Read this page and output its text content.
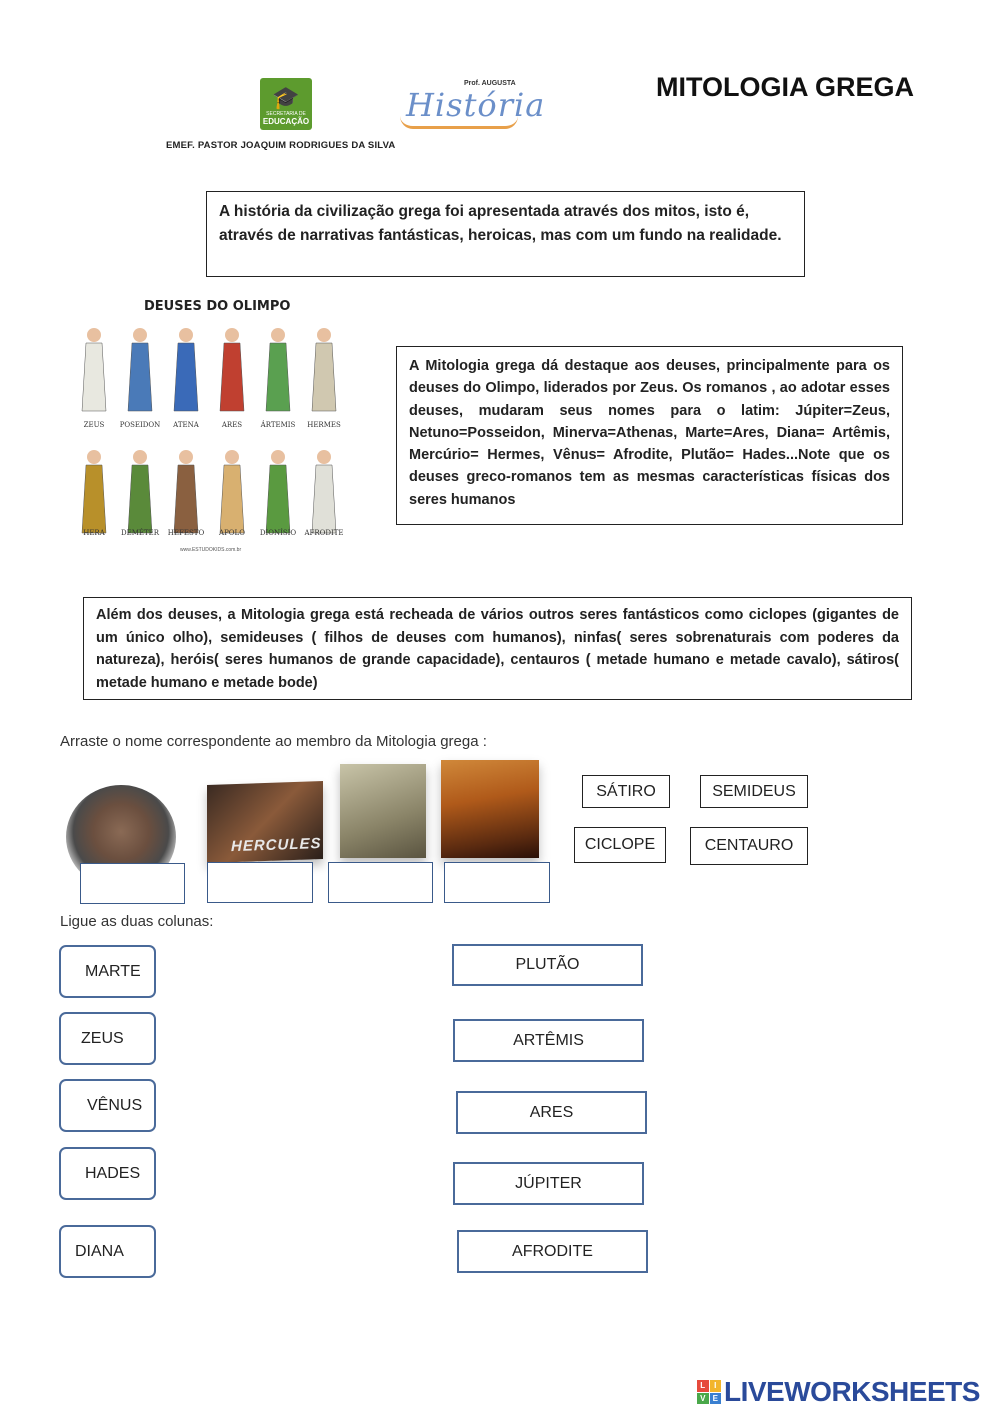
🎓
SECRETARIA DE
EDUCAÇÃO
Prof. AUGUSTA
História
EMEF. PASTOR JOAQUIM RODRIGUES DA SILVA
MITOLOGIA GREGA
A história da civilização grega foi apresentada através dos mitos, isto é, através de narrativas fantásticas, heroicas, mas com um fundo na realidade.
DEUSES DO OLIMPO
ZEUS POSEIDON ATENA	ARES	ÁRTEMIS HERMES
HERA DEMÉTER HEFESTO APOLO DIONÍSIO AFRODITE
www.ESTUDOKIDS.com.br
A Mitologia grega dá destaque aos deuses, principalmente para os deuses do Olimpo, liderados por Zeus. Os romanos , ao adotar esses deuses, mudaram seus nomes para o latim: Júpiter=Zeus, Netuno=Posseidon, Minerva=Athenas, Marte=Ares, Diana= Artêmis, Mercúrio= Hermes, Vênus= Afrodite, Plutão= Hades...Note que os deuses greco-romanos tem as mesmas características físicas dos seres humanos
Além dos deuses, a Mitologia grega está recheada de vários outros seres fantásticos como ciclopes (gigantes de um único olho), semideuses ( filhos de deuses com humanos), ninfas( seres sobrenaturais com poderes da natureza), heróis( seres humanos de grande capacidade), centauros ( metade humano e metade cavalo), sátiros( metade humano e metade bode)
Arraste o nome correspondente ao membro da Mitologia grega :
HERCULES
SÁTIRO	SEMIDEUS
CICLOPE	CENTAURO
Ligue as duas colunas:
MARTE
ZEUS
VÊNUS
HADES
DIANA
PLUTÃO
ARTÊMIS
ARES
JÚPITER
AFRODITE
L	I
V E LIVEWORKSHEETS
